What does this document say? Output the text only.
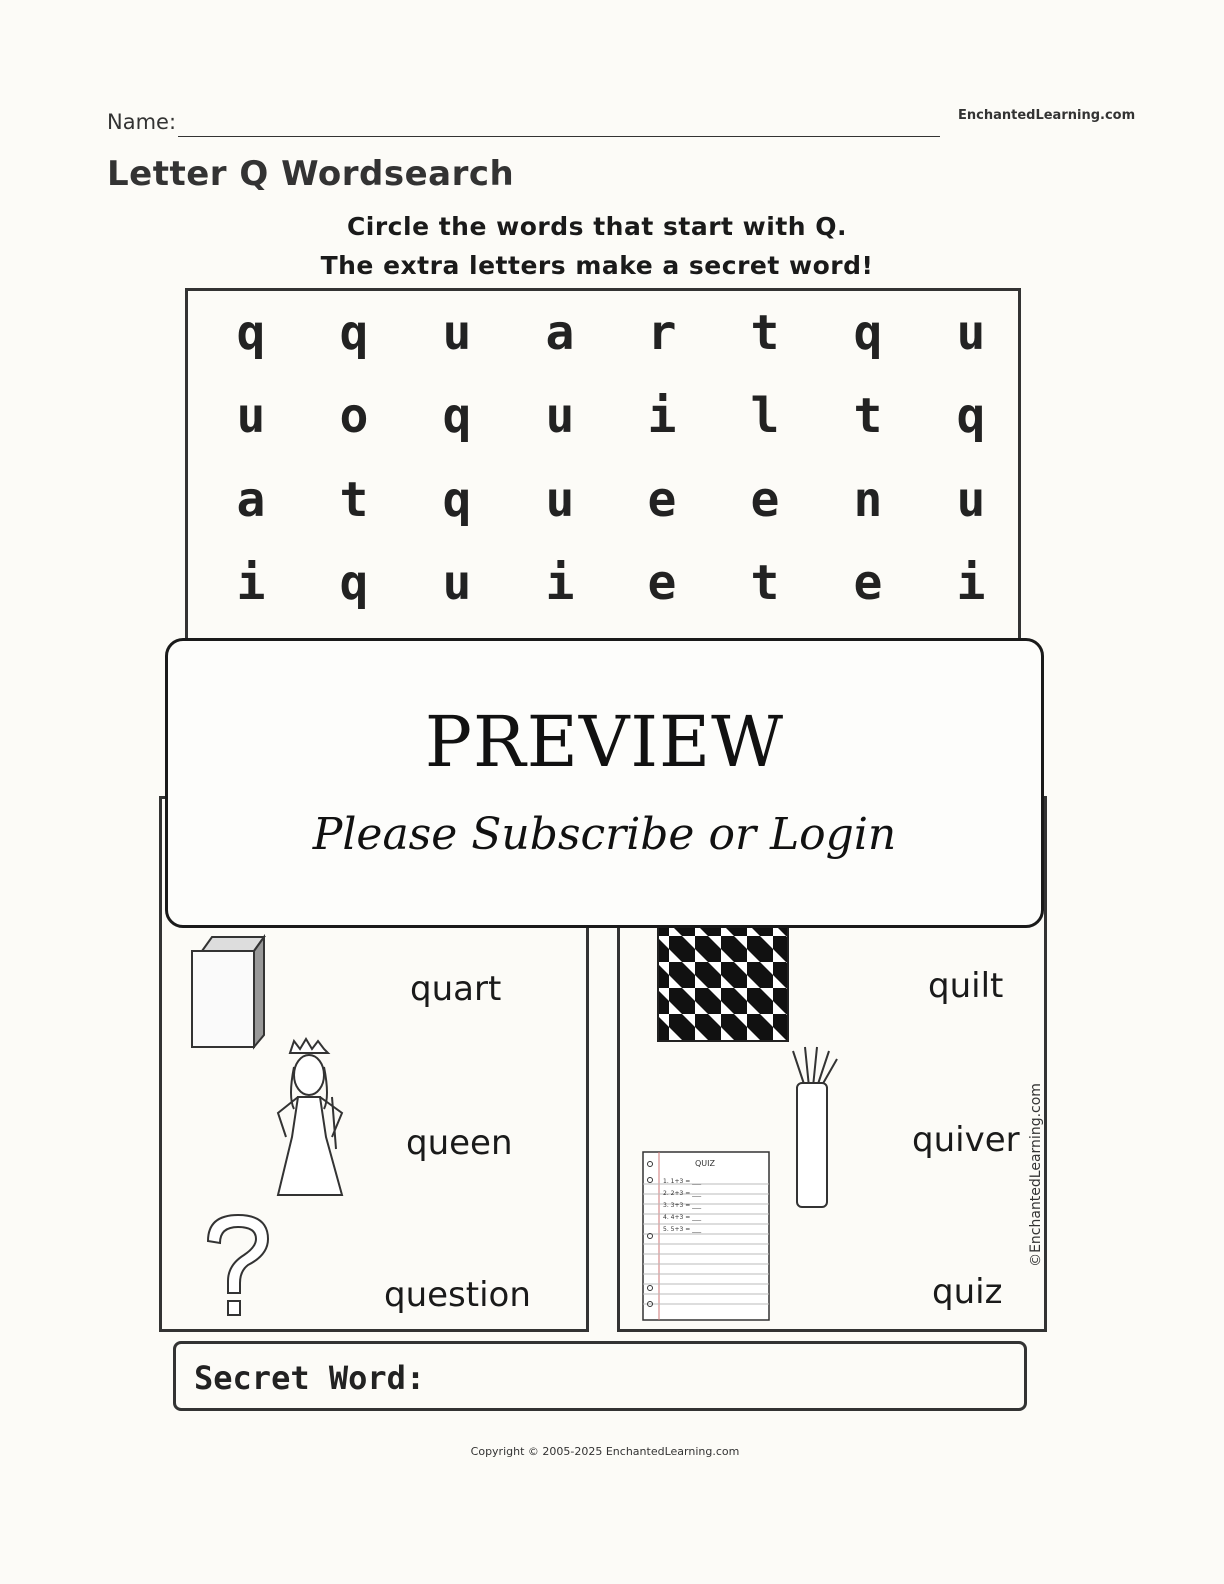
Name:	EnchantedLearning.com
Letter Q Wordsearch
Circle the words that start with Q.
The extra letters make a secret word!
q	q	u	a	r	t	q	u
u	o	q	u	i	l	t	q
a	t	q	u	e	e	n	u
i	q	u	i	e	t	e	i
quart
queen
question
QUIZ
1. 1+3 = ___
2. 2+3 = ___
3. 3+3 = ___
4. 4+3 = ___
5. 5+3 = ___
quilt
quiver
quiz
PREVIEW
Please Subscribe or Login
Secret Word:
©EnchantedLearning.com
Copyright © 2005-2025 EnchantedLearning.com
